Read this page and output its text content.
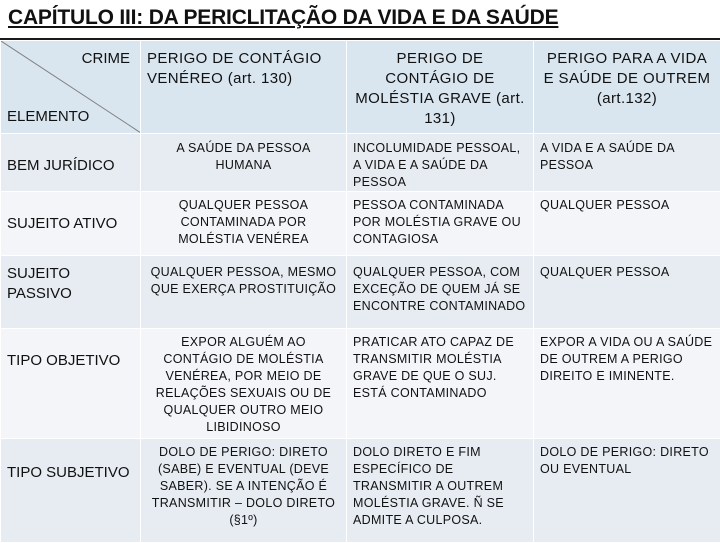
CAPÍTULO III: DA PERICLITAÇÃO DA VIDA E DA SAÚDE
CRIME
ELEMENTO	PERIGO DE CONTÁGIO VENÉREO (art. 130)	PERIGO DE CONTÁGIO DE MOLÉSTIA GRAVE (art. 131)	PERIGO PARA A VIDA E SAÚDE DE OUTREM (art.132)

BEM JURÍDICO	A SAÚDE DA PESSOA HUMANA	INCOLUMIDADE PESSOAL, A VIDA E A SAÚDE DA PESSOA	A VIDA E A SAÚDE DA PESSOA

SUJEITO ATIVO	QUALQUER PESSOA CONTAMINADA POR MOLÉSTIA VENÉREA	PESSOA CONTAMINADA POR MOLÉSTIA GRAVE OU CONTAGIOSA	QUALQUER PESSOA

SUJEITO PASSIVO	QUALQUER PESSOA, MESMO QUE EXERÇA PROSTITUIÇÃO	QUALQUER PESSOA, COM EXCEÇÃO DE QUEM JÁ SE ENCONTRE CONTAMINADO	QUALQUER PESSOA

TIPO OBJETIVO	EXPOR ALGUÉM AO CONTÁGIO DE MOLÉSTIA VENÉREA, POR MEIO DE RELAÇÕES SEXUAIS OU DE QUALQUER OUTRO MEIO LIBIDINOSO	PRATICAR ATO CAPAZ DE TRANSMITIR MOLÉSTIA GRAVE DE QUE O SUJ. ESTÁ CONTAMINADO	EXPOR A VIDA OU A SAÚDE DE OUTREM A PERIGO DIREITO E IMINENTE.

TIPO SUBJETIVO	DOLO DE PERIGO: DIRETO (SABE) E EVENTUAL (DEVE SABER). SE A INTENÇÃO É TRANSMITIR – DOLO DIRETO (§1º)	DOLO DIRETO E FIM ESPECÍFICO DE TRANSMITIR A OUTREM MOLÉSTIA GRAVE. Ñ SE ADMITE A CULPOSA.	DOLO DE PERIGO: DIRETO OU EVENTUAL
